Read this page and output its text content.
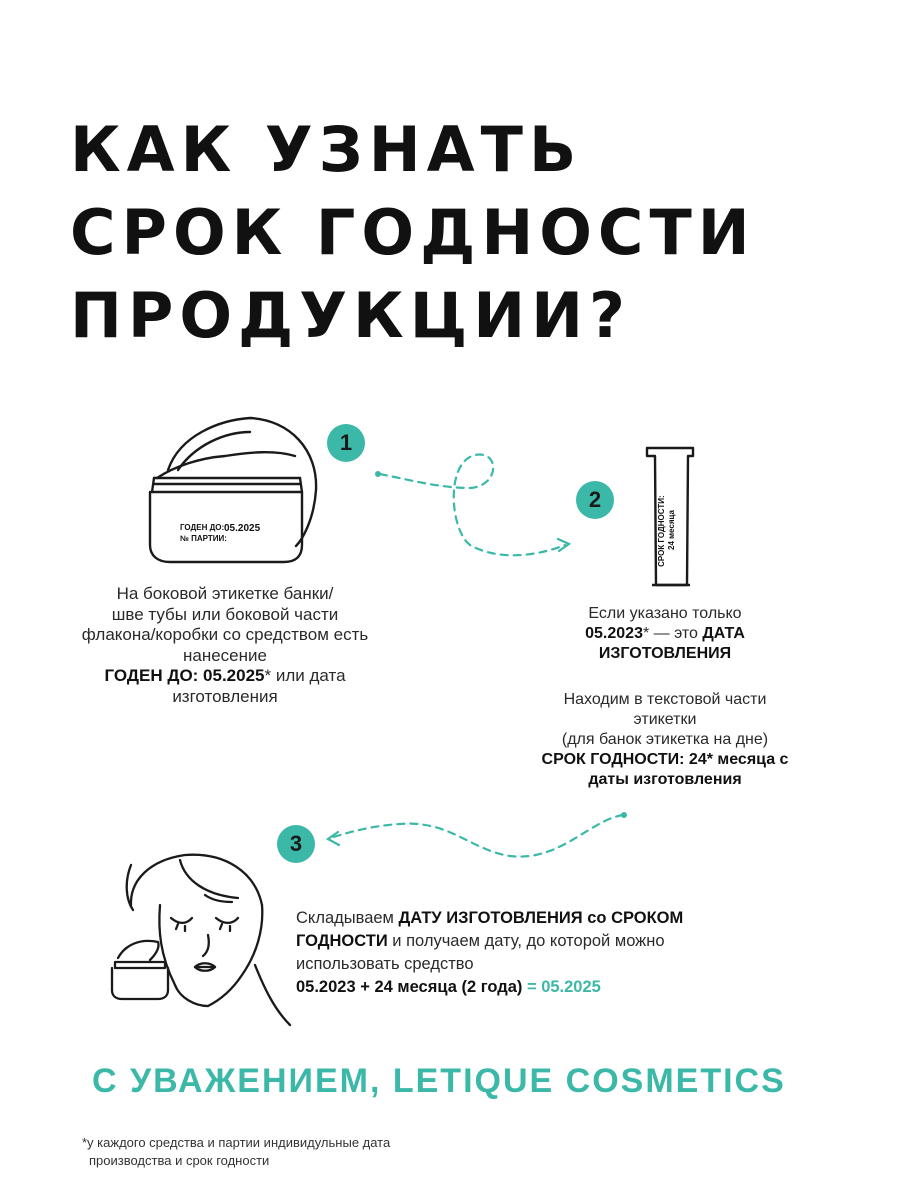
КАК УЗНАТЬ
СРОК ГОДНОСТИ
ПРОДУКЦИИ?
ГОДЕН ДО:
№ ПАРТИИ:
05.2025	СРОК ГОДНОСТИ: 24 месяца
1
2
3
На боковой этикетке банки/
шве тубы или боковой части
флакона/коробки со средством есть
нанесение
ГОДЕН ДО: 05.2025* или дата
изготовления
Если указано только
05.2023* — это ДАТА
ИЗГОТОВЛЕНИЯ
Находим в текстовой части
этикетки
(для банок этикетка на дне)
СРОК ГОДНОСТИ: 24* месяца с
даты изготовления
Складываем ДАТУ ИЗГОТОВЛЕНИЯ со СРОКОМ
ГОДНОСТИ и получаем дату, до которой можно
использовать средство
05.2023 + 24 месяца (2 года) = 05.2025
С УВАЖЕНИЕМ, LETIQUE COSMETICS
*у каждого средства и партии индивидульные дата
производства и срок годности
